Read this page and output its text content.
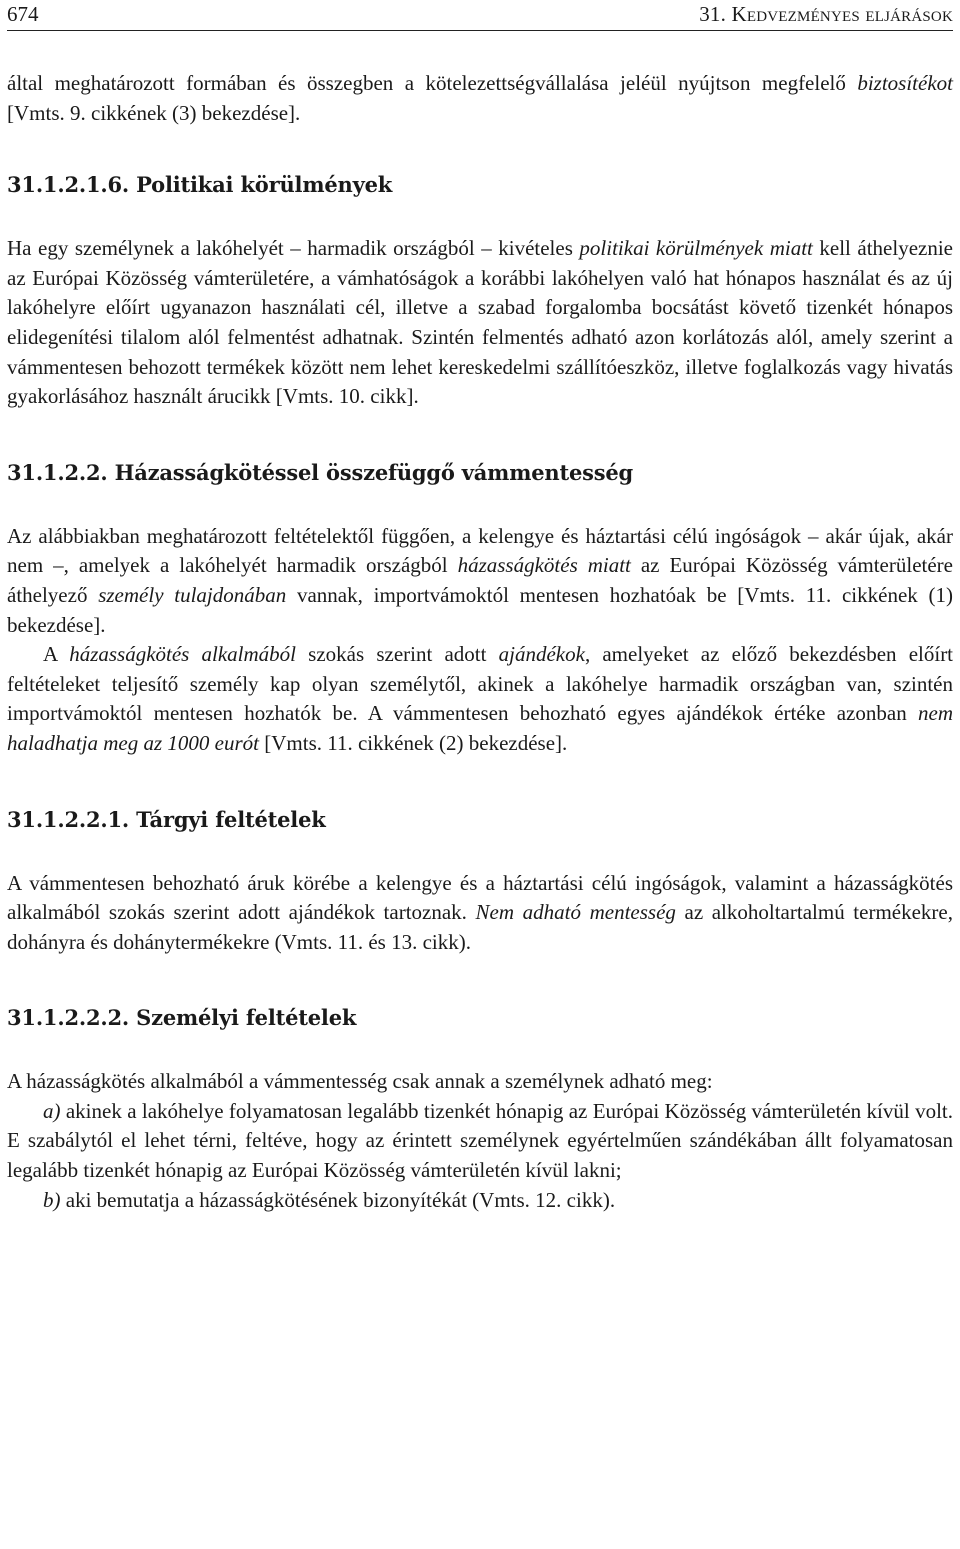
674	31. Kedvezményes eljárások

által meghatározott formában és összegben a kötelezettségvállalása jeléül nyújtson megfelelő biztosítékot [Vmts. 9. cikkének (3) bekezdése].

31.1.2.1.6. Politikai körülmények

Ha egy személynek a lakóhelyét – harmadik országból – kivételes politikai körülmények miatt kell áthelyeznie az Európai Közösség vámterületére, a vámhatóságok a korábbi lakóhelyen való hat hónapos használat és az új lakóhelyre előírt ugyanazon használati cél, illetve a szabad forgalomba bocsátást követő tizenkét hónapos elidegenítési tilalom alól felmentést adhatnak. Szintén felmentés adható azon korlátozás alól, amely szerint a vámmentesen behozott termékek között nem lehet kereskedelmi szállítóeszköz, illetve foglalkozás vagy hivatás gyakorlásához használt árucikk [Vmts. 10. cikk].

31.1.2.2. Házasságkötéssel összefüggő vámmentesség

Az alábbiakban meghatározott feltételektől függően, a kelengye és háztartási célú ingóságok – akár újak, akár nem –, amelyek a lakóhelyét harmadik országból házasságkötés miatt az Európai Közösség vámterületére áthelyező személy tulajdonában vannak, importvámoktól mentesen hozhatóak be [Vmts. 11. cikkének (1) bekezdése].

A házasságkötés alkalmából szokás szerint adott ajándékok, amelyeket az előző bekezdésben előírt feltételeket teljesítő személy kap olyan személytől, akinek a lakóhelye harmadik országban van, szintén importvámoktól mentesen hozhatók be. A vámmentesen behozható egyes ajándékok értéke azonban nem haladhatja meg az 1000 eurót [Vmts. 11. cikkének (2) bekezdése].

31.1.2.2.1. Tárgyi feltételek

A vámmentesen behozható áruk körébe a kelengye és a háztartási célú ingóságok, valamint a házasságkötés alkalmából szokás szerint adott ajándékok tartoznak. Nem adható mentesség az alkoholtartalmú termékekre, dohányra és dohánytermékekre (Vmts. 11. és 13. cikk).

31.1.2.2.2. Személyi feltételek

A házasságkötés alkalmából a vámmentesség csak annak a személynek adható meg:

a) akinek a lakóhelye folyamatosan legalább tizenkét hónapig az Európai Közösség vámterületén kívül volt. E szabálytól el lehet térni, feltéve, hogy az érintett személynek egyértelműen szándékában állt folyamatosan legalább tizenkét hónapig az Európai Közösség vámterületén kívül lakni;

b) aki bemutatja a házasságkötésének bizonyítékát (Vmts. 12. cikk).
